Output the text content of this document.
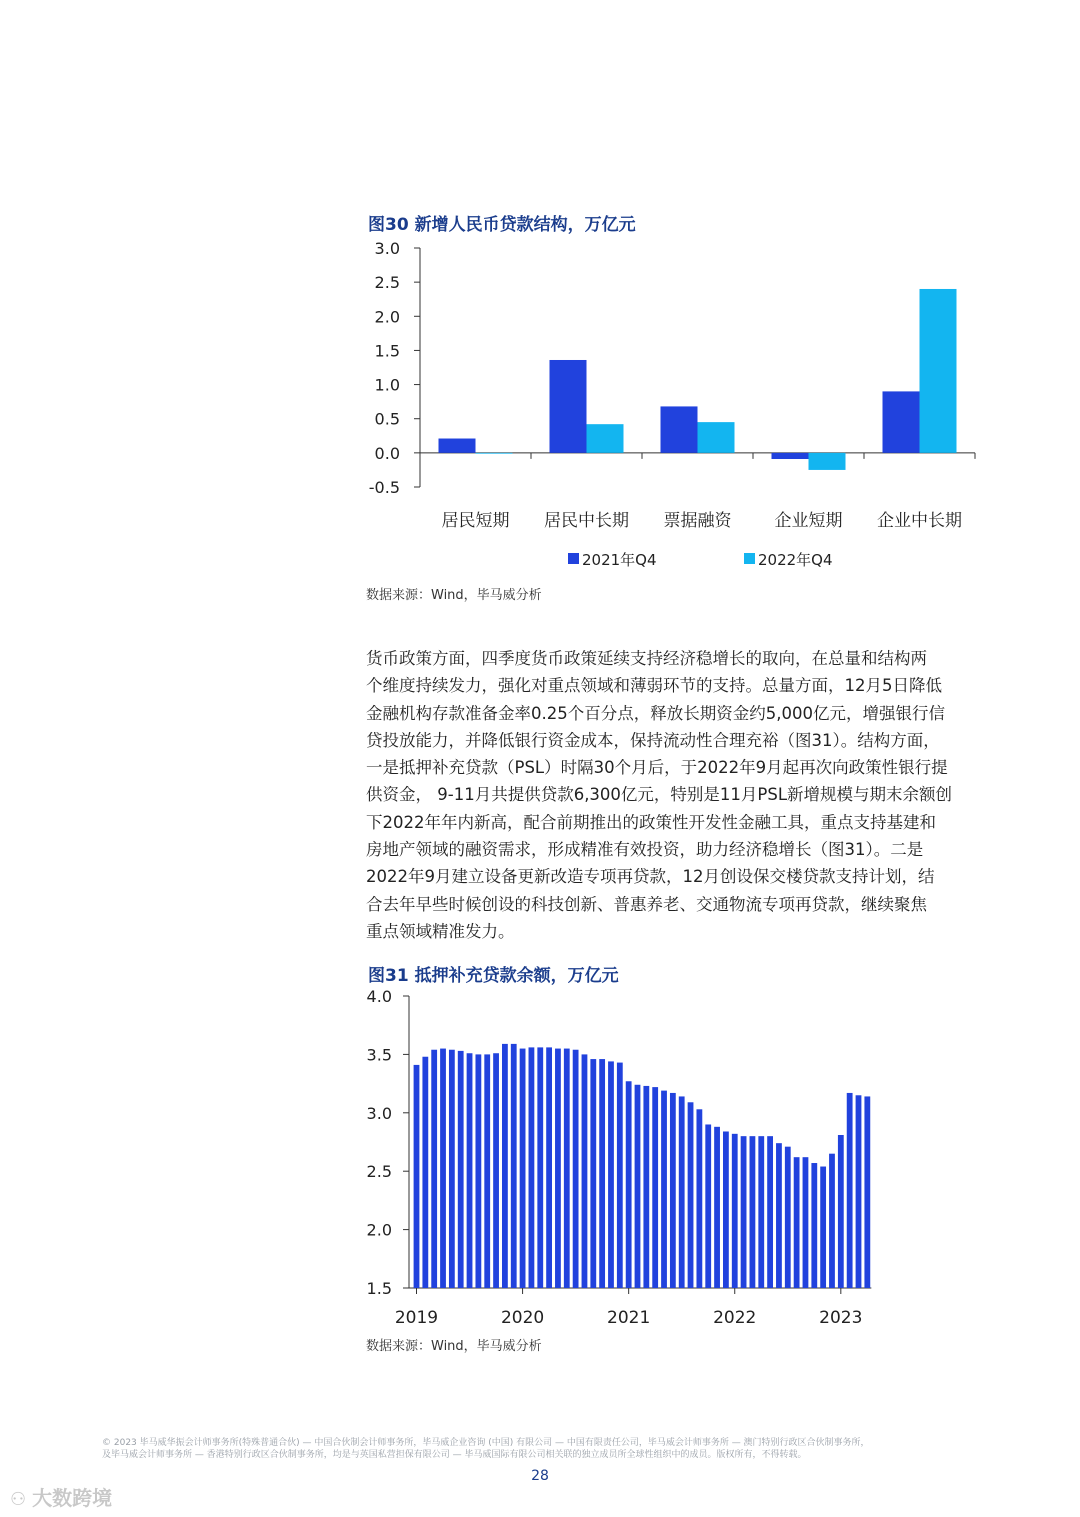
图30 新增人民币贷款结构，万亿元
3.0
2.5
2.0
1.5
1.0
0.5
0.0
-0.5
居民短期 居民中长期 票据融资	企业短期 企业中长期
2021年Q4	2022年Q4
数据来源：Wind，毕马威分析

货币政策方面，四季度货币政策延续支持经济稳增长的取向，在总量和结构两

个维度持续发力，强化对重点领域和薄弱环节的支持。总量方面，12月5日降低

金融机构存款准备金率0.25个百分点，释放长期资金约5,000亿元，增强银行信

贷投放能力，并降低银行资金成本，保持流动性合理充裕（图31）。结构方面，

一是抵押补充贷款（PSL）时隔30个月后，于2022年9月起再次向政策性银行提

供资金， 9-11月共提供贷款6,300亿元，特别是11月PSL新增规模与期末余额创

下2022年年内新高，配合前期推出的政策性开发性金融工具，重点支持基建和

房地产领域的融资需求，形成精准有效投资，助力经济稳增长（图31）。二是

2022年9月建立设备更新改造专项再贷款，12月创设保交楼贷款支持计划，结

合去年早些时候创设的科技创新、普惠养老、交通物流专项再贷款，继续聚焦

重点领域精准发力。

图31 抵押补充贷款余额，万亿元
4.0
3.5
3.0
2.5
2.0
1.5
2019	2020	2021	2022	2023
数据来源：Wind，毕马威分析

© 2023 毕马威华振会计师事务所(特殊普通合伙) — 中国合伙制会计师事务所，毕马威企业咨询 (中国) 有限公司 — 中国有限责任公司，毕马威会计师事务所 — 澳门特别行政区合伙制事务所，

及毕马威会计师事务所 — 香港特别行政区合伙制事务所，均是与英国私营担保有限公司 — 毕马威国际有限公司相关联的独立成员所全球性组织中的成员。版权所有，不得转载。

28
⚇ 大数跨境
